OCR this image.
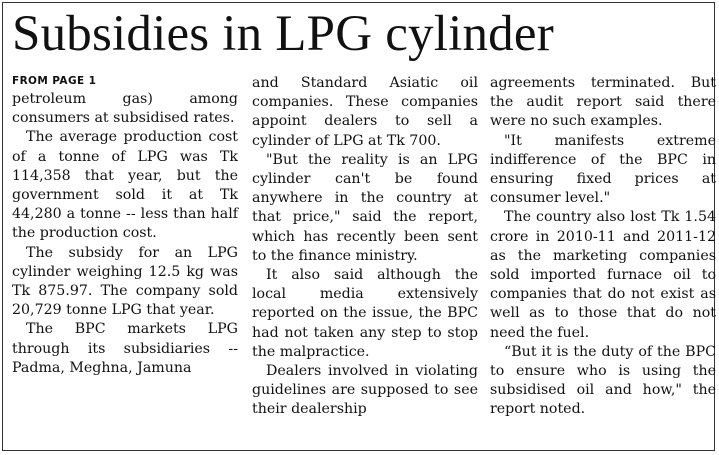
Subsidies in LPG cylinder
FROM PAGE 1

petroleum gas) among consumers at subsidised rates.

The average production cost of a tonne of LPG was Tk 114,358 that year, but the government sold it at Tk 44,280 a tonne -- less than half the production cost.

The subsidy for an LPG cylinder weighing 12.5 kg was Tk 875.97. The company sold 20,729 tonne LPG that year.

The BPC markets LPG through its subsidiaries -- Padma, Meghna, Jamuna

and Standard Asiatic oil companies. These companies appoint dealers to sell a cylinder of LPG at Tk 700.

"But the reality is an LPG cylinder can't be found anywhere in the country at that price," said the report, which has recently been sent to the finance ministry.

It also said although the local media extensively reported on the issue, the BPC had not taken any step to stop the malpractice.

Dealers involved in violating guidelines are supposed to see their dealership

agreements terminated. But the audit report said there were no such examples.

"It manifests extreme indifference of the BPC in ensuring fixed prices at consumer level."

The country also lost Tk 1.54 crore in 2010-11 and 2011-12 as the marketing companies sold imported furnace oil to companies that do not exist as well as to those that do not need the fuel.

“But it is the duty of the BPC to ensure who is using the subsidised oil and how," the report noted.
